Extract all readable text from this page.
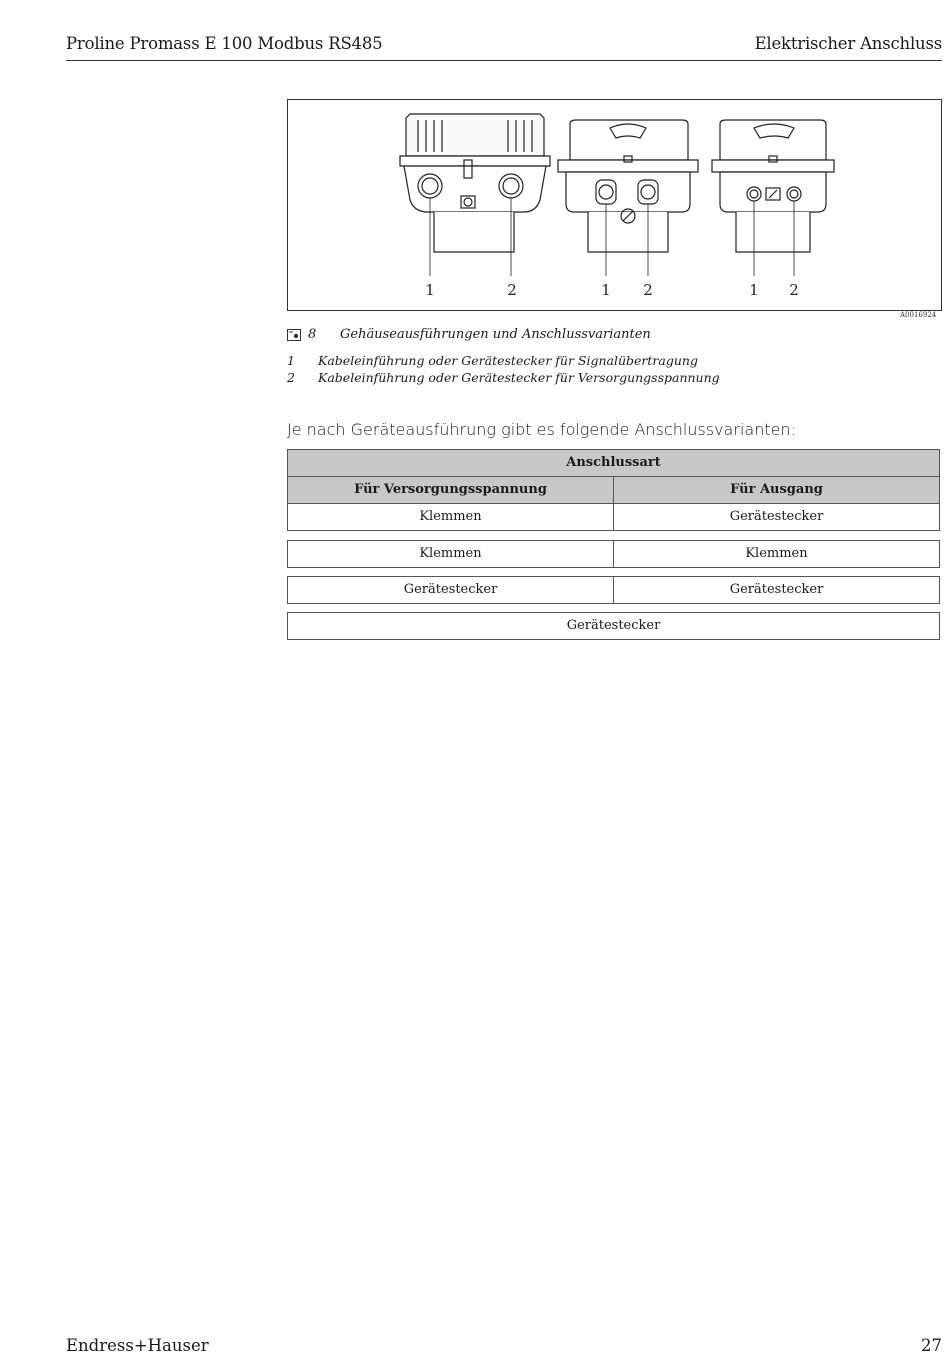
Proline Promass E 100 Modbus RS485	Elektrischer Anschluss
1	2	1 2	1 2
A0016924
8 Gehäuseausführungen und Anschlussvarianten
1 Kabeleinführung oder Gerätestecker für Signalübertragung
2 Kabeleinführung oder Gerätestecker für Versorgungsspannung
Je nach Geräteausführung gibt es folgende Anschlussvarianten:
Anschlussart
Für Versorgungsspannung	Für Ausgang
Klemmen	Gerätestecker
Klemmen	Klemmen
Gerätestecker	Gerätestecker
Gerätestecker
Endress+Hauser	27
